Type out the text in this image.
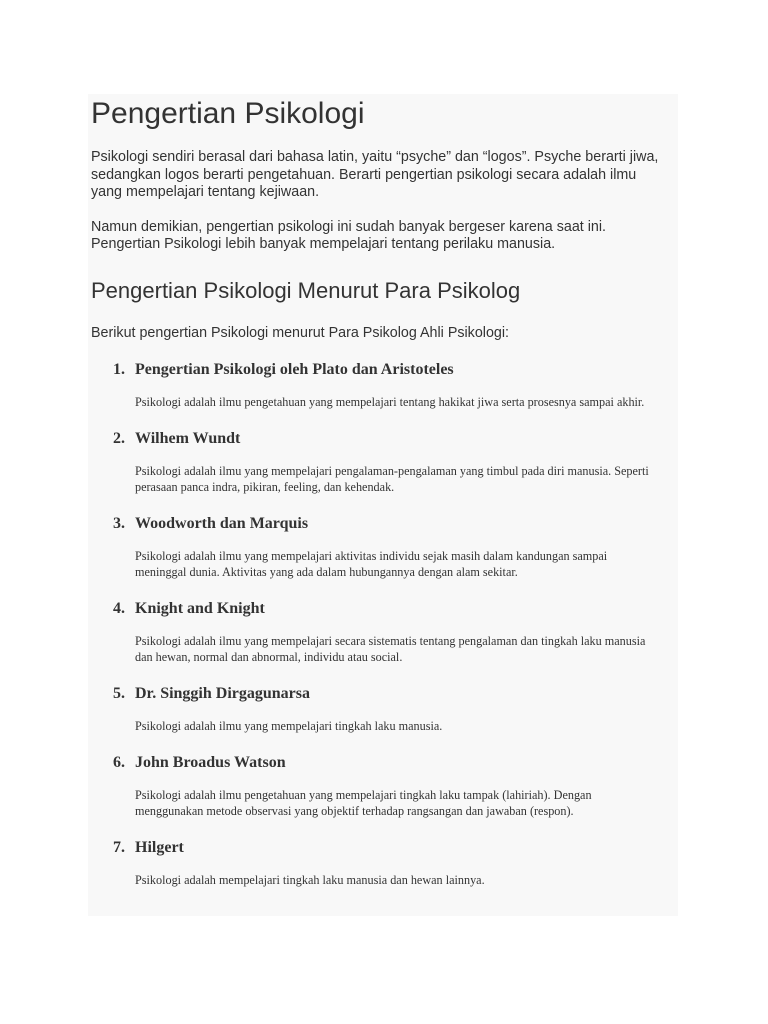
Pengertian Psikologi

Psikologi sendiri berasal dari bahasa latin, yaitu “psyche” dan “logos”. Psyche berarti jiwa, sedangkan logos berarti pengetahuan. Berarti pengertian psikologi secara adalah ilmu yang mempelajari tentang kejiwaan.

Namun demikian, pengertian psikologi ini sudah banyak bergeser karena saat ini. Pengertian Psikologi lebih banyak mempelajari tentang perilaku manusia.

Pengertian Psikologi Menurut Para Psikolog

Berikut pengertian Psikologi menurut Para Psikolog Ahli Psikologi:

1. Pengertian Psikologi oleh Plato dan Aristoteles

Psikologi adalah ilmu pengetahuan yang mempelajari tentang hakikat jiwa serta prosesnya sampai akhir.

2. Wilhem Wundt

Psikologi adalah ilmu yang mempelajari pengalaman-pengalaman yang timbul pada diri manusia. Seperti perasaan panca indra, pikiran, feeling, dan kehendak.

3. Woodworth dan Marquis

Psikologi adalah ilmu yang mempelajari aktivitas individu sejak masih dalam kandungan sampai meninggal dunia. Aktivitas yang ada dalam hubungannya dengan alam sekitar.

4. Knight and Knight

Psikologi adalah ilmu yang mempelajari secara sistematis tentang pengalaman dan tingkah laku manusia dan hewan, normal dan abnormal, individu atau social.

5. Dr. Singgih Dirgagunarsa

Psikologi adalah ilmu yang mempelajari tingkah laku manusia.

6. John Broadus Watson

Psikologi adalah ilmu pengetahuan yang mempelajari tingkah laku tampak (lahiriah). Dengan menggunakan metode observasi yang objektif terhadap rangsangan dan jawaban (respon).

7. Hilgert

Psikologi adalah mempelajari tingkah laku manusia dan hewan lainnya.
